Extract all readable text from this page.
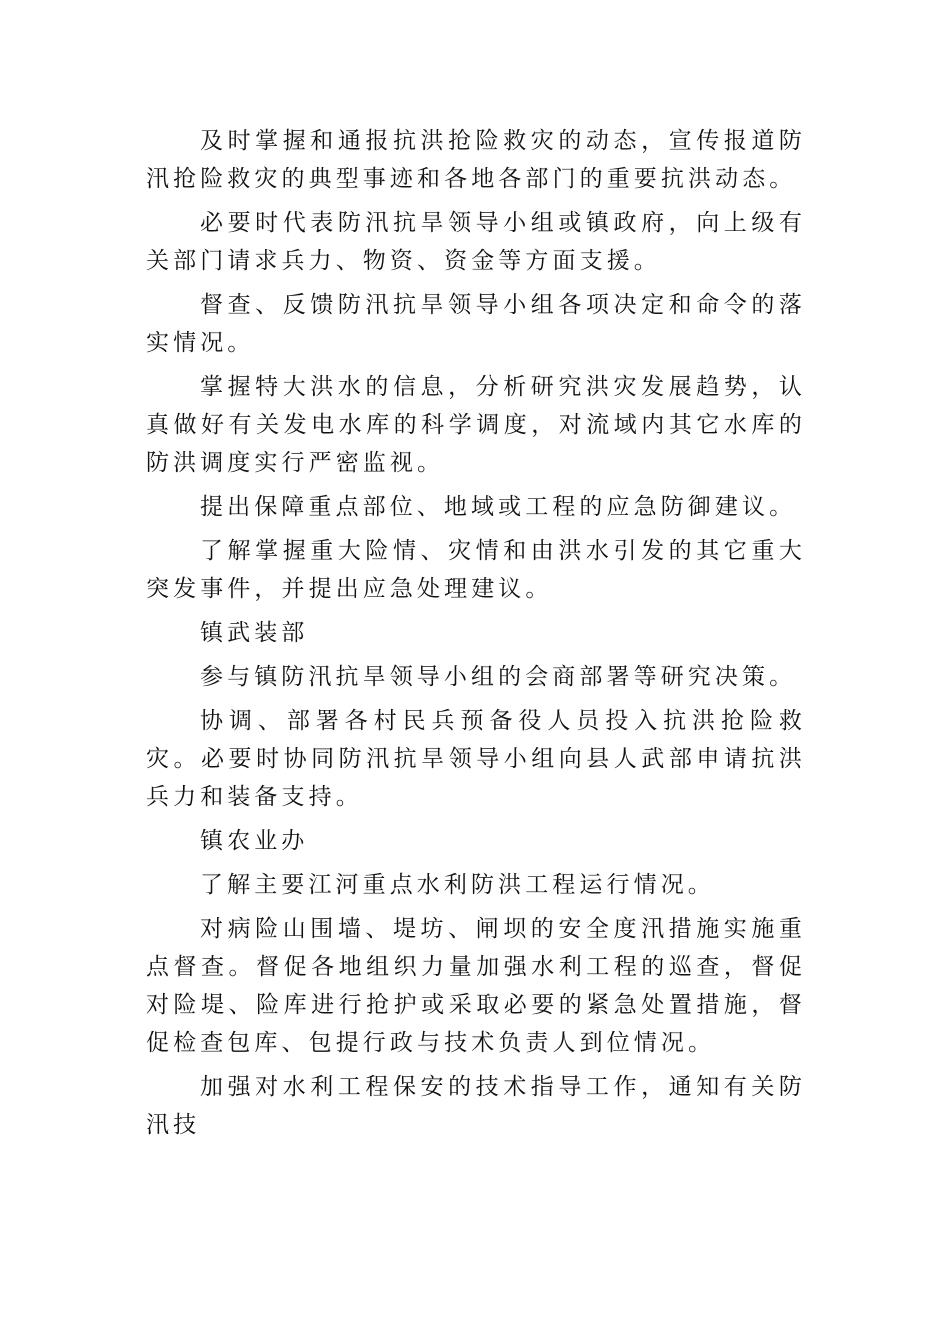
及时掌握和通报抗洪抢险救灾的动态，宣传报道防汛抢险救灾的典型事迹和各地各部门的重要抗洪动态。

必要时代表防汛抗旱领导小组或镇政府，向上级有关部门请求兵力、物资、资金等方面支援。

督查、反馈防汛抗旱领导小组各项决定和命令的落实情况。

掌握特大洪水的信息，分析研究洪灾发展趋势，认真做好有关发电水库的科学调度，对流域内其它水库的防洪调度实行严密监视。

提出保障重点部位、地域或工程的应急防御建议。

了解掌握重大险情、灾情和由洪水引发的其它重大突发事件，并提出应急处理建议。

镇武装部

参与镇防汛抗旱领导小组的会商部署等研究决策。

协调、部署各村民兵预备役人员投入抗洪抢险救灾。必要时协同防汛抗旱领导小组向县人武部申请抗洪兵力和装备支持。

镇农业办

了解主要江河重点水利防洪工程运行情况。

对病险山围墙、堤坊、闸坝的安全度汛措施实施重点督查。督促各地组织力量加强水利工程的巡查，督促对险堤、险库进行抢护或采取必要的紧急处置措施，督促检查包库、包提行政与技术负责人到位情况。

加强对水利工程保安的技术指导工作，通知有关防汛技
